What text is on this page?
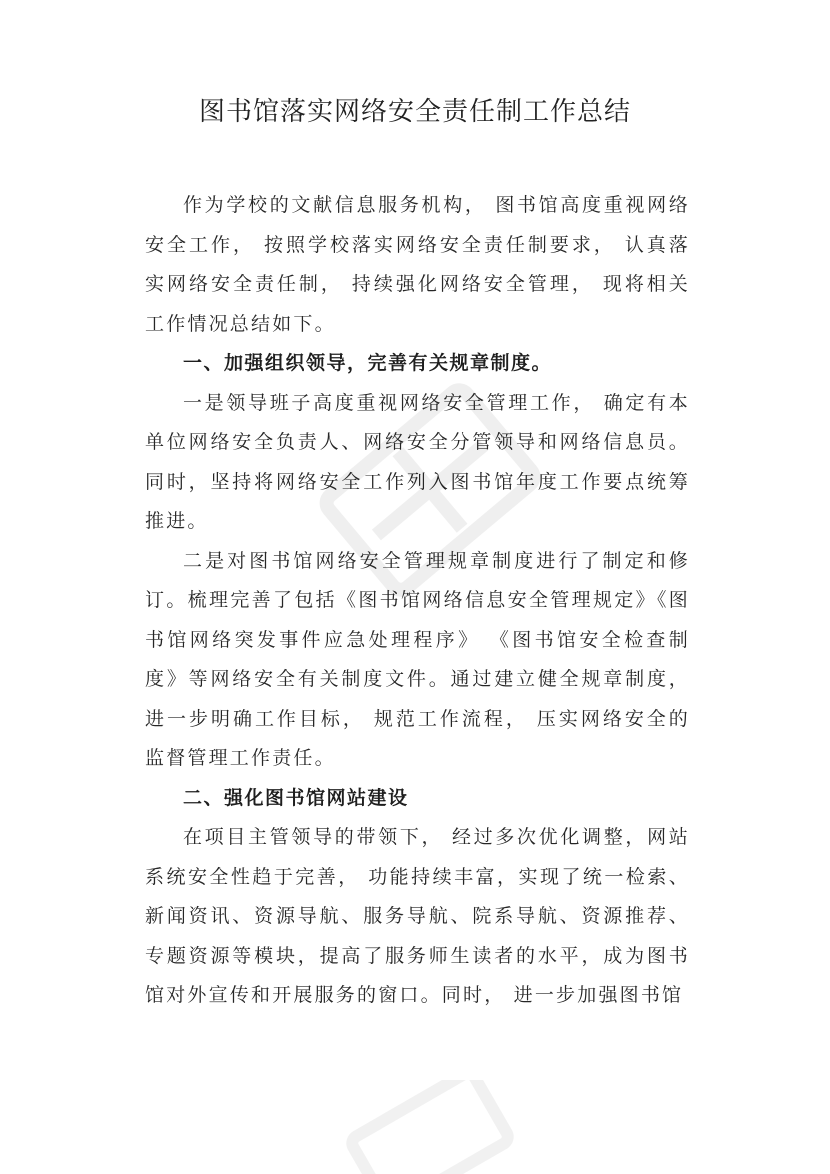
图书馆落实网络安全责任制工作总结

作为学校的文献信息服务机构， 图书馆高度重视网络安全工作， 按照学校落实网络安全责任制要求， 认真落实网络安全责任制， 持续强化网络安全管理， 现将相关工作情况总结如下。

一、加强组织领导，完善有关规章制度。

一是领导班子高度重视网络安全管理工作， 确定有本单位网络安全负责人、网络安全分管领导和网络信息员。同时，坚持将网络安全工作列入图书馆年度工作要点统筹推进。

二是对图书馆网络安全管理规章制度进行了制定和修订。梳理完善了包括《图书馆网络信息安全管理规定》《图书馆网络突发事件应急处理程序》 《图书馆安全检查制度》等网络安全有关制度文件。通过建立健全规章制度，进一步明确工作目标， 规范工作流程， 压实网络安全的监督管理工作责任。

二、强化图书馆网站建设

在项目主管领导的带领下， 经过多次优化调整，网站系统安全性趋于完善， 功能持续丰富，实现了统一检索、新闻资讯、资源导航、服务导航、院系导航、资源推荐、专题资源等模块，提高了服务师生读者的水平，成为图书馆对外宣传和开展服务的窗口。同时， 进一步加强图书馆
